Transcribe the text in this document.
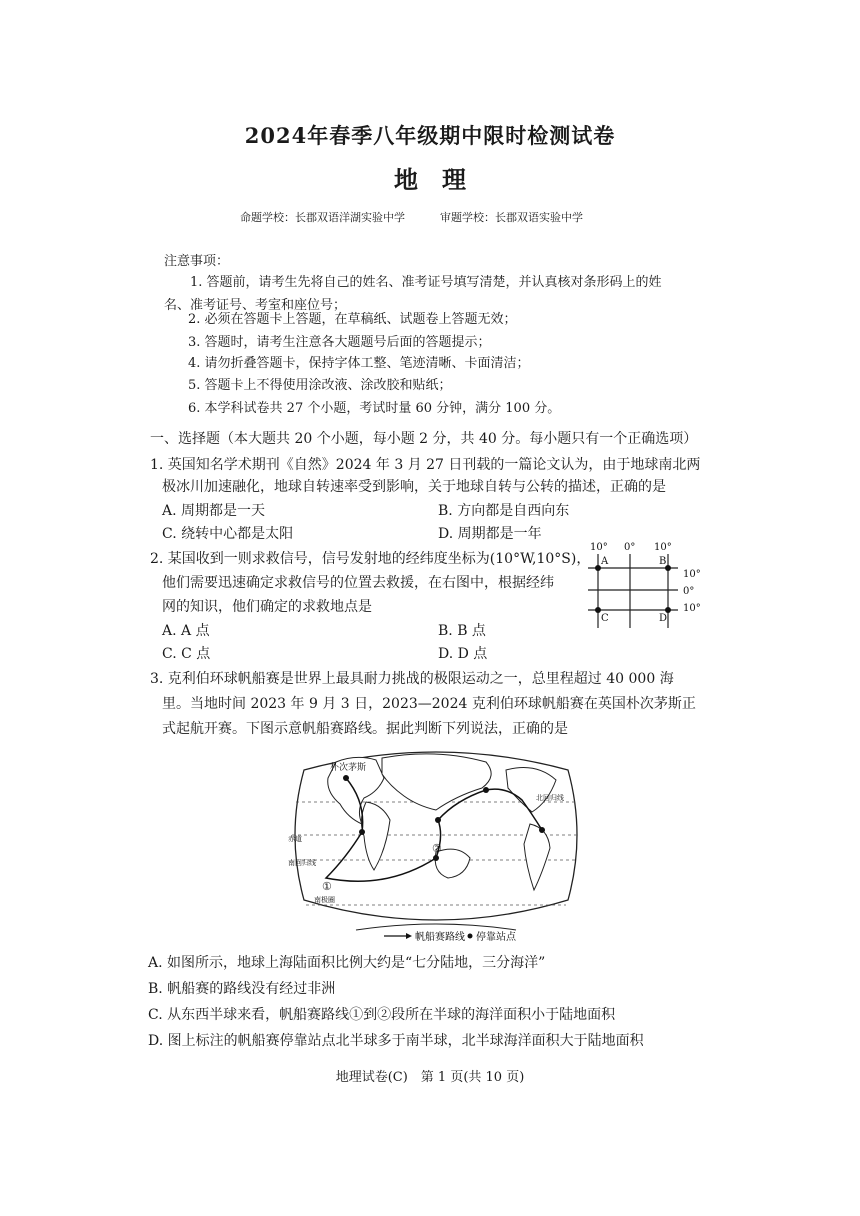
2024年春季八年级期中限时检测试卷
地理
命题学校：长郡双语洋湖实验中学	审题学校：长郡双语实验中学
注意事项：
1. 答题前，请考生先将自己的姓名、准考证号填写清楚，并认真核对条形码上的姓
名、准考证号、考室和座位号；
2. 必须在答题卡上答题，在草稿纸、试题卷上答题无效；
3. 答题时，请考生注意各大题题号后面的答题提示；
4. 请勿折叠答题卡，保持字体工整、笔迹清晰、卡面清洁；
5. 答题卡上不得使用涂改液、涂改胶和贴纸；
6. 本学科试卷共 27 个小题，考试时量 60 分钟，满分 100 分。
一、选择题（本大题共 20 个小题，每小题 2 分，共 40 分。每小题只有一个正确选项）
1. 英国知名学术期刊《自然》2024 年 3 月 27 日刊载的一篇论文认为，由于地球南北两
极冰川加速融化，地球自转速率受到影响，关于地球自转与公转的描述，正确的是
A. 周期都是一天	B. 方向都是自西向东
C. 绕转中心都是太阳	D. 周期都是一年
2. 某国收到一则求救信号，信号发射地的经纬度坐标为(10°W,10°S)，
他们需要迅速确定求救信号的位置去救援，在右图中，根据经纬
网的知识，他们确定的求救地点是
A. A 点	B. B 点
C. C 点	D. D 点
10° 0° 10°
10°
0°
10°
A	B
C	D
3. 克利伯环球帆船赛是世界上最具耐力挑战的极限运动之一，总里程超过 40 000 海
里。当地时间 2023 年 9 月 3 日，2023—2024 克利伯环球帆船赛在英国朴次茅斯正
式起航开赛。下图示意帆船赛路线。据此判断下列说法，正确的是
朴次茅斯
①
②
赤道
南回归线
北回归线
南极圈
帆船赛路线 停靠站点
A. 如图所示，地球上海陆面积比例大约是“七分陆地，三分海洋”
B. 帆船赛的路线没有经过非洲
C. 从东西半球来看，帆船赛路线①到②段所在半球的海洋面积小于陆地面积
D. 图上标注的帆船赛停靠站点北半球多于南半球，北半球海洋面积大于陆地面积
地理试卷(C)　第 1 页(共 10 页)
